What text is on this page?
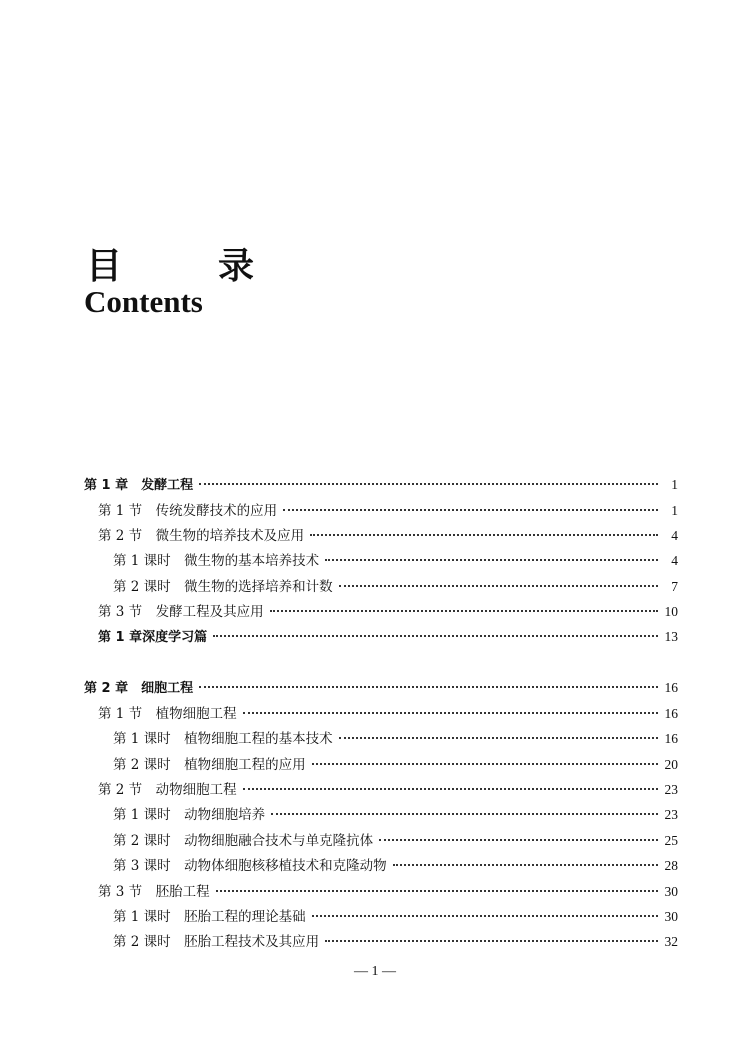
目　录
Contents
第 1 章　发酵工程	1
第 1 节　传统发酵技术的应用	1
第 2 节　微生物的培养技术及应用	4
第 1 课时　微生物的基本培养技术	4
第 2 课时　微生物的选择培养和计数	7
第 3 节　发酵工程及其应用	10
第 1 章深度学习篇	13
第 2 章　细胞工程	16
第 1 节　植物细胞工程	16
第 1 课时　植物细胞工程的基本技术	16
第 2 课时　植物细胞工程的应用	20
第 2 节　动物细胞工程	23
第 1 课时　动物细胞培养	23
第 2 课时　动物细胞融合技术与单克隆抗体	25
第 3 课时　动物体细胞核移植技术和克隆动物	28
第 3 节　胚胎工程	30
第 1 课时　胚胎工程的理论基础	30
第 2 课时　胚胎工程技术及其应用	32
— 1 —
